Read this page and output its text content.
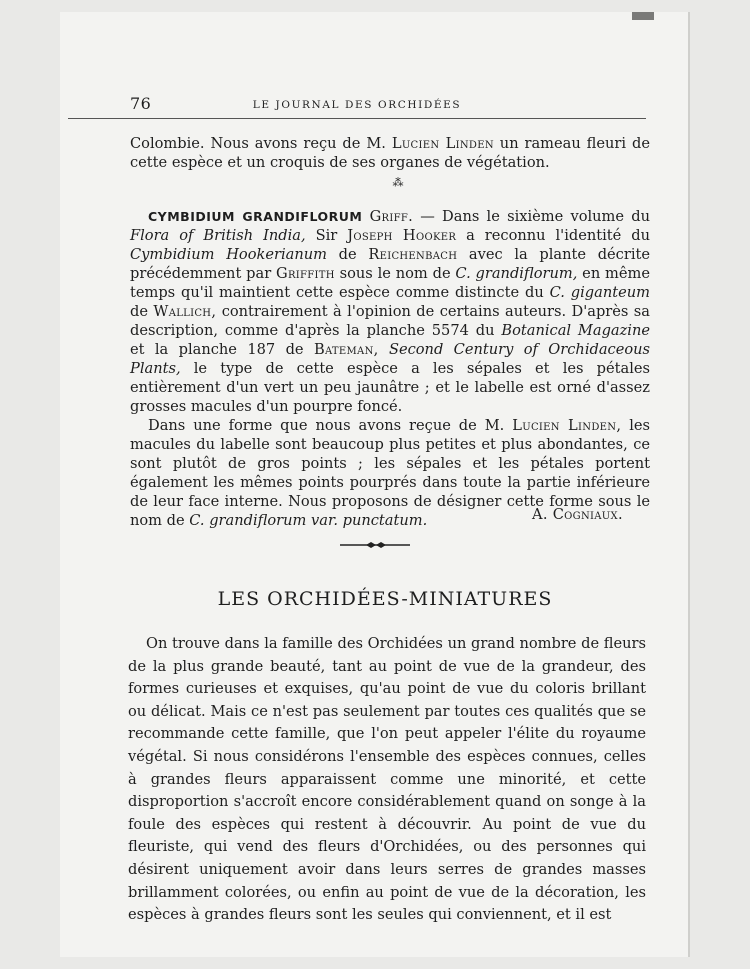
76	LE JOURNAL DES ORCHIDÉES

Colombie. Nous avons reçu de M. Lucien Linden un rameau fleuri de cette espèce et un croquis de ses organes de végétation.

⁂

CYMBIDIUM GRANDIFLORUM Griff. — Dans le sixième volume du Flora of British India, Sir Joseph Hooker a reconnu l'identité du Cymbidium Hookerianum de Reichenbach avec la plante décrite précédemment par Griffith sous le nom de C. grandiflorum, en même temps qu'il maintient cette espèce comme distincte du C. giganteum de Wallich, contrairement à l'opinion de certains auteurs. D'après sa description, comme d'après la planche 5574 du Botanical Magazine et la planche 187 de Bateman, Second Century of Orchidaceous Plants, le type de cette espèce a les sépales et les pétales entièrement d'un vert un peu jaunâtre ; et le labelle est orné d'assez grosses macules d'un pourpre foncé.

Dans une forme que nous avons reçue de M. Lucien Linden, les macules du labelle sont beaucoup plus petites et plus abondantes, ce sont plutôt de gros points ; les sépales et les pétales portent également les mêmes points pourprés dans toute la partie inférieure de leur face interne. Nous proposons de désigner cette forme sous le nom de C. grandiflorum var. punctatum.	A. Cogniaux.
LES ORCHIDÉES-MINIATURES

On trouve dans la famille des Orchidées un grand nombre de fleurs de la plus grande beauté, tant au point de vue de la grandeur, des formes curieuses et exquises, qu'au point de vue du coloris brillant ou délicat. Mais ce n'est pas seulement par toutes ces qualités que se recommande cette famille, que l'on peut appeler l'élite du royaume végétal. Si nous considérons l'ensemble des espèces connues, celles à grandes fleurs apparaissent comme une minorité, et cette disproportion s'accroît encore considérablement quand on songe à la foule des espèces qui restent à découvrir. Au point de vue du fleuriste, qui vend des fleurs d'Orchidées, ou des personnes qui désirent uniquement avoir dans leurs serres de grandes masses brillamment colorées, ou enfin au point de vue de la décoration, les espèces à grandes fleurs sont les seules qui conviennent, et il est
